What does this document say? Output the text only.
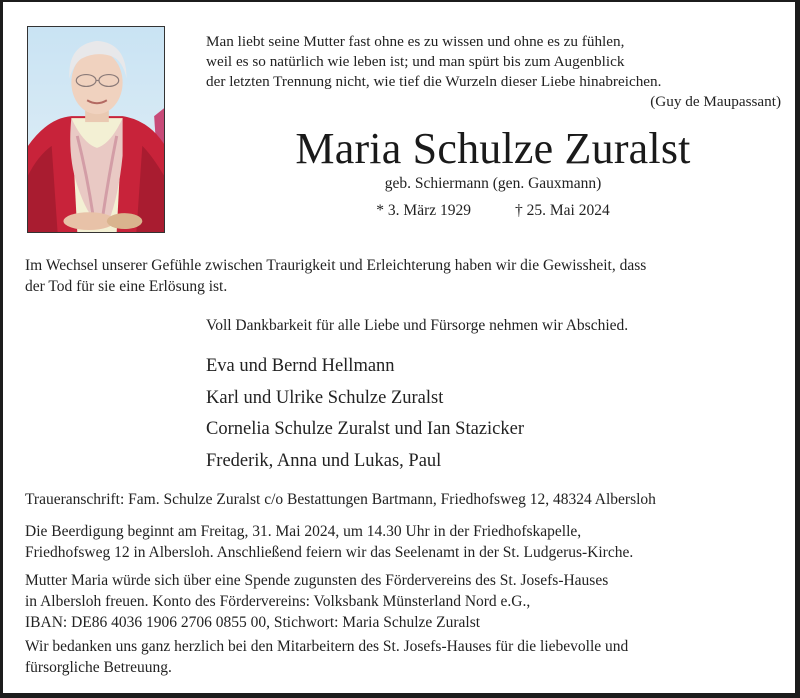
Man liebt seine Mutter fast ohne es zu wissen und ohne es zu fühlen,
weil es so natürlich wie leben ist; und man spürt bis zum Augenblick
der letzten Trennung nicht, wie tief die Wurzeln dieser Liebe hinabreichen.
(Guy de Maupassant)
Maria Schulze Zuralst
geb. Schiermann (gen. Gauxmann)
* 3. März 1929	† 25. Mai 2024
Im Wechsel unserer Gefühle zwischen Traurigkeit und Erleichterung haben wir die Gewissheit, dass
der Tod für sie eine Erlösung ist.
Voll Dankbarkeit für alle Liebe und Fürsorge nehmen wir Abschied.
Eva und Bernd Hellmann
Karl und Ulrike Schulze Zuralst
Cornelia Schulze Zuralst und Ian Stazicker
Frederik, Anna und Lukas, Paul
Traueranschrift: Fam. Schulze Zuralst c/o Bestattungen Bartmann, Friedhofsweg 12, 48324 Albersloh
Die Beerdigung beginnt am Freitag, 31. Mai 2024, um 14.30 Uhr in der Friedhofskapelle,
Friedhofsweg 12 in Albersloh. Anschließend feiern wir das Seelenamt in der St. Ludgerus-Kirche.
Mutter Maria würde sich über eine Spende zugunsten des Fördervereins des St. Josefs-Hauses
in Albersloh freuen. Konto des Fördervereins: Volksbank Münsterland Nord e.G.,
IBAN: DE86 4036 1906 2706 0855 00, Stichwort: Maria Schulze Zuralst
Wir bedanken uns ganz herzlich bei den Mitarbeitern des St. Josefs-Hauses für die liebevolle und
fürsorgliche Betreuung.
